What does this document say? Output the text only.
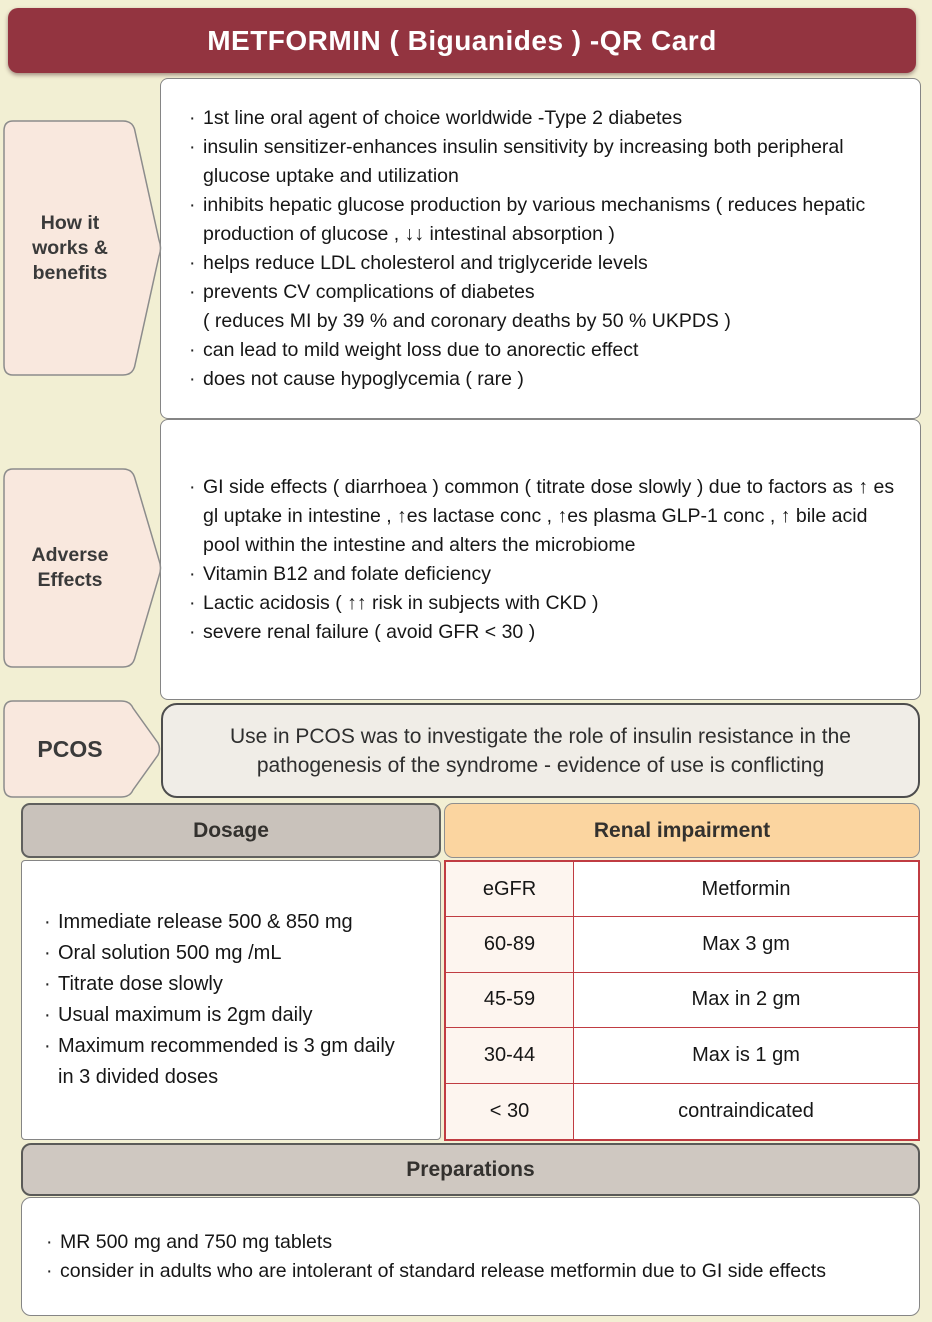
METFORMIN ( Biguanides ) -QR Card
· 1st line oral agent of choice worldwide -Type 2 diabetes
· insulin sensitizer-enhances insulin sensitivity by increasing both peripheral glucose uptake and utilization
· inhibits hepatic glucose production by various mechanisms ( reduces hepatic production of glucose , ↓↓ intestinal absorption )
· helps reduce LDL cholesterol and triglyceride levels
· prevents CV complications of diabetes
( reduces MI by 39 % and coronary deaths by 50 % UKPDS )
· can lead to mild weight loss due to anorectic effect
· does not cause hypoglycemia ( rare )
How it works & benefits
· GI side effects ( diarrhoea ) common ( titrate dose slowly ) due to factors as ↑ es gl uptake in intestine , ↑es lactase conc , ↑es plasma GLP-1 conc , ↑ bile acid pool within the intestine and alters the microbiome
· Vitamin B12 and folate deficiency
· Lactic acidosis ( ↑↑ risk in subjects with CKD )
· severe renal failure ( avoid GFR < 30 )
Adverse Effects
PCOS	Use in PCOS was to investigate the role of insulin resistance in the pathogenesis of the syndrome - evidence of use is conflicting
Dosage	Renal impairment
· Immediate release 500 & 850 mg
· Oral solution 500 mg /mL
· Titrate dose slowly
· Usual maximum is 2gm daily
· Maximum recommended is 3 gm daily in 3 divided doses
eGFR	Metformin
60-89	Max 3 gm
45-59	Max in 2 gm
30-44	Max is 1 gm
< 30	contraindicated
Preparations
· MR 500 mg and 750 mg tablets
· consider in adults who are intolerant of standard release metformin due to GI side effects
